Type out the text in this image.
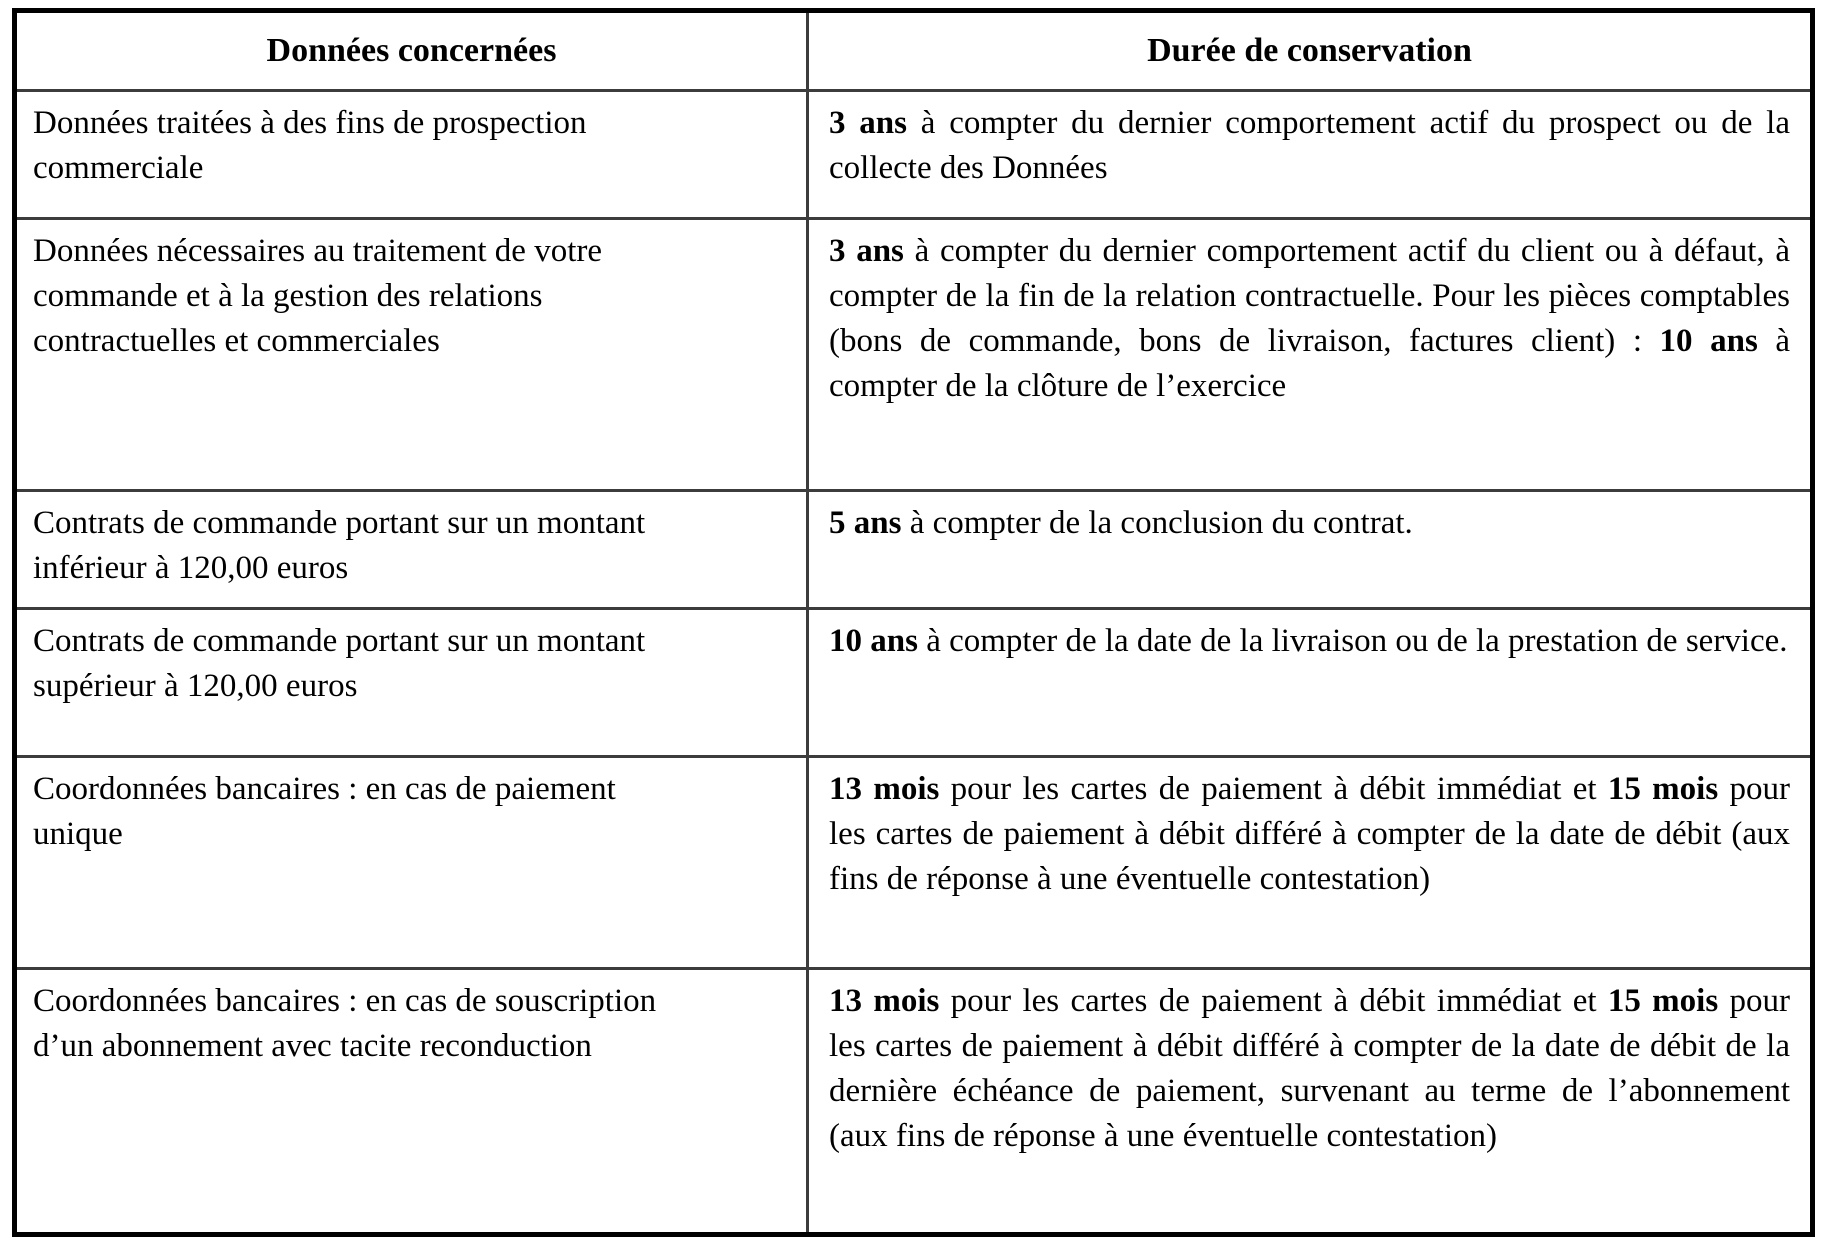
Données concernées	Durée de conservation

Données traitées à des fins de prospection commerciale	3 ans à compter du dernier comportement actif du prospect ou de la collecte des Données

Données nécessaires au traitement de votre commande et à la gestion des relations contractuelles et commerciales	3 ans à compter du dernier comportement actif du client ou à défaut, à compter de la fin de la relation contractuelle. Pour les pièces comptables (bons de commande, bons de livraison, factures client) : 10 ans à compter de la clôture de l’exercice

Contrats de commande portant sur un montant inférieur à 120,00 euros	5 ans à compter de la conclusion du contrat.

Contrats de commande portant sur un montant supérieur à 120,00 euros	10 ans à compter de la date de la livraison ou de la prestation de service.

Coordonnées bancaires : en cas de paiement unique	13 mois pour les cartes de paiement à débit immédiat et 15 mois pour les cartes de paiement à débit différé à compter de la date de débit (aux fins de réponse à une éventuelle contestation)

Coordonnées bancaires : en cas de souscription d’un abonnement avec tacite reconduction	13 mois pour les cartes de paiement à débit immédiat et 15 mois pour les cartes de paiement à débit différé à compter de la date de débit de la dernière échéance de paiement, survenant au terme de l’abonnement (aux fins de réponse à une éventuelle contestation)
